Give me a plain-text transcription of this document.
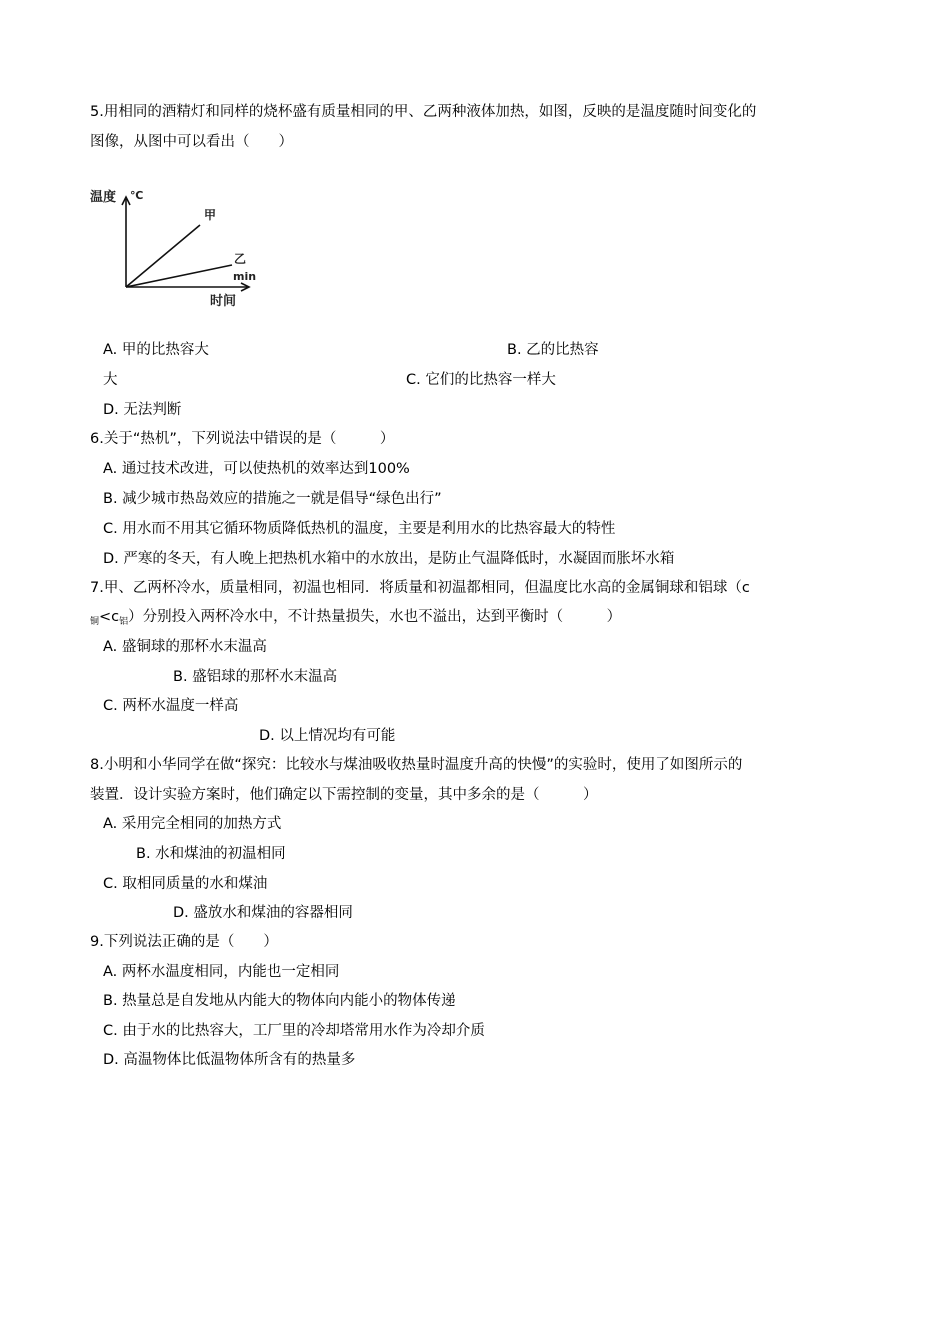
5.用相同的酒精灯和同样的烧杯盛有质量相同的甲、乙两种液体加热，如图，反映的是温度随时间变化的
图像，从图中可以看出（　　）
温度 ℃
甲
乙
min
时间
A. 甲的比热容大	B. 乙的比热容
大	C. 它们的比热容一样大
D. 无法判断
6.关于“热机”，下列说法中错误的是（　　　）
A. 通过技术改进，可以使热机的效率达到100%
B. 减少城市热岛效应的措施之一就是倡导“绿色出行”
C. 用水而不用其它循环物质降低热机的温度，主要是利用水的比热容最大的特性
D. 严寒的冬天，有人晚上把热机水箱中的水放出，是防止气温降低时，水凝固而胀坏水箱
7.甲、乙两杯冷水，质量相同，初温也相同．将质量和初温都相同，但温度比水高的金属铜球和铝球（c
$_铜<c_铝$）分别投入两杯冷水中，不计热量损失，水也不溢出，达到平衡时（　　　）
A. 盛铜球的那杯水末温高
B. 盛铝球的那杯水末温高
C. 两杯水温度一样高
D. 以上情况均有可能
8.小明和小华同学在做“探究：比较水与煤油吸收热量时温度升高的快慢”的实验时，使用了如图所示的
装置．设计实验方案时，他们确定以下需控制的变量，其中多余的是（　　　）
A. 采用完全相同的加热方式
B. 水和煤油的初温相同
C. 取相同质量的水和煤油
D. 盛放水和煤油的容器相同
9.下列说法正确的是（　　）
A. 两杯水温度相同，内能也一定相同
B. 热量总是自发地从内能大的物体向内能小的物体传递
C. 由于水的比热容大，工厂里的冷却塔常用水作为冷却介质
D. 高温物体比低温物体所含有的热量多
